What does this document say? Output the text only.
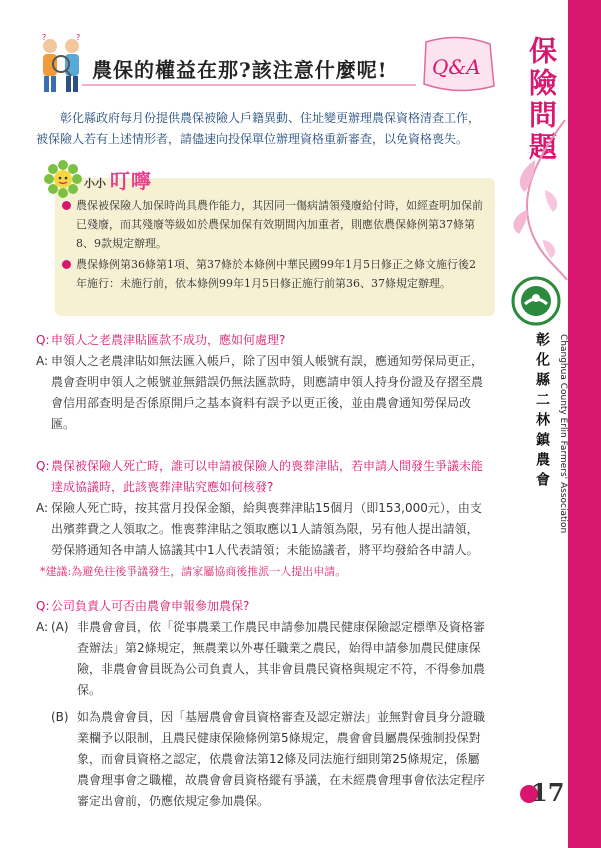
保險問題
Changhua County Erlin Farmers' Association
彰化縣二林鎮農會
?	?
農保的權益在那?該注意什麼呢! Q&A
彰化縣政府每月份提供農保被險人戶籍異動、住址變更辦理農保資格清查工作，被保險人若有上述情形者，請儘速向投保單位辦理資格重新審查，以免資格喪失。
小小 叮嚀
農保被保險人加保時尚具農作能力，其因同一傷病請領殘廢給付時，如經查明加保前已殘廢，而其殘廢等級如於農保加保有效期間內加重者，則應依農保條例第37條第8、9款規定辦理。
農保條例第36條第1項、第37條於本條例中華民國99年1月5日修正之條文施行後2年施行：未施行前，依本條例99年1月5日修正施行前第36、37條規定辦理。
Q: 申領人之老農津貼匯款不成功，應如何處理?
A: 申領人之老農津貼如無法匯入帳戶，除了因申領人帳號有誤，應通知勞保局更正，農會查明申領人之帳號並無錯誤仍無法匯款時，則應請申領人持身份證及存摺至農會信用部查明是否係原開戶之基本資料有誤予以更正後，並由農會通知勞保局改匯。
Q: 農保被保險人死亡時，誰可以申請被保險人的喪葬津貼，若申請人間發生爭議未能達成協議時，此該喪葬津貼究應如何核發?
A: 保險人死亡時，按其當月投保金額，給與喪葬津貼15個月（即153,000元），由支出殯葬費之人領取之。惟喪葬津貼之領取應以1人請領為限，另有他人提出請領，勞保將通知各申請人協議其中1人代表請領；未能協議者，將平均發給各申請人。
*建議:為避免往後爭議發生，請家屬協商後推派一人提出申請。
Q: 公司負責人可否由農會申報參加農保?
A: (A) 非農會會員，依「從事農業工作農民申請參加農民健康保險認定標準及資格審查辦法」第2條規定，無農業以外專任職業之農民，始得申請參加農民健康保險，非農會會員既為公司負責人，其非會員農民資格與規定不符，不得參加農保。
(B) 如為農會會員，因「基層農會會員資格審查及認定辦法」並無對會員身分證職業欄予以限制，且農民健康保險條例第5條規定，農會會員屬農保強制投保對象，而會員資格之認定，依農會法第12條及同法施行細則第25條規定，係屬農會理事會之職權，故農會會員資格縱有爭議，在未經農會理事會依法定程序審定出會前，仍應依規定參加農保。	17
